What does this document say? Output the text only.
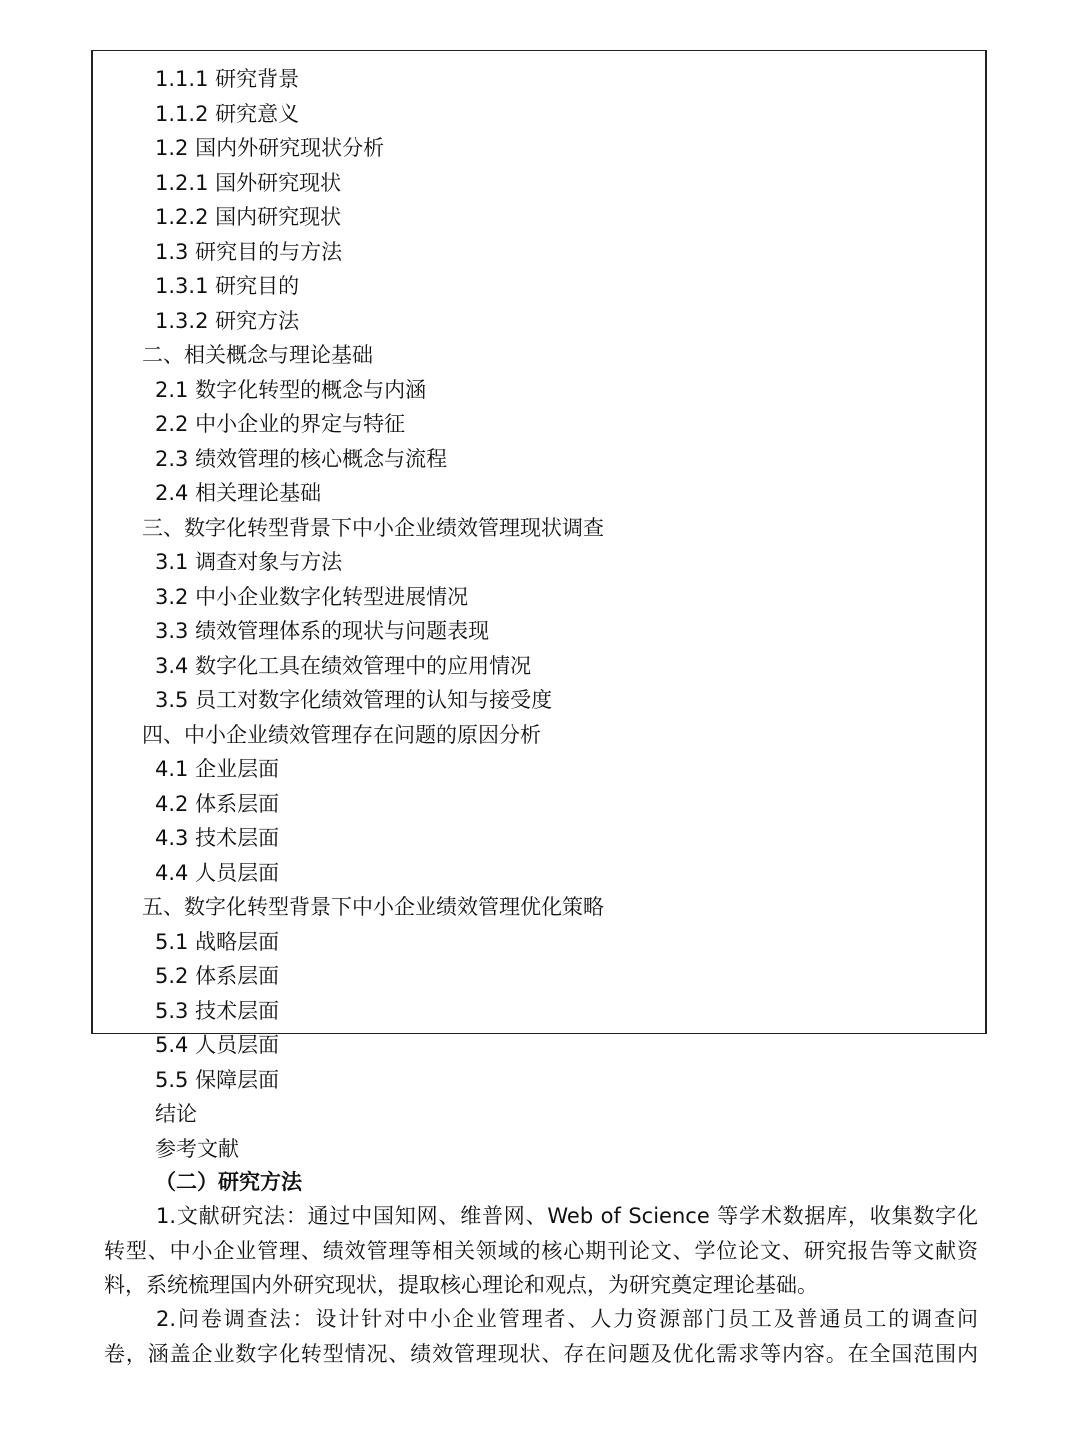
1.1.1 研究背景
1.1.2 研究意义
1.2 国内外研究现状分析
1.2.1 国外研究现状
1.2.2 国内研究现状
1.3 研究目的与方法
1.3.1 研究目的
1.3.2 研究方法
二、相关概念与理论基础
2.1 数字化转型的概念与内涵
2.2 中小企业的界定与特征
2.3 绩效管理的核心概念与流程
2.4 相关理论基础
三、数字化转型背景下中小企业绩效管理现状调查
3.1 调查对象与方法
3.2 中小企业数字化转型进展情况
3.3 绩效管理体系的现状与问题表现
3.4 数字化工具在绩效管理中的应用情况
3.5 员工对数字化绩效管理的认知与接受度
四、中小企业绩效管理存在问题的原因分析
4.1 企业层面
4.2 体系层面
4.3 技术层面
4.4 人员层面
五、数字化转型背景下中小企业绩效管理优化策略
5.1 战略层面
5.2 体系层面
5.3 技术层面
5.4 人员层面
5.5 保障层面
结论
参考文献
（二）研究方法
1.文献研究法：通过中国知网、维普网、Web of Science 等学术数据库，收集数字化
转型、中小企业管理、绩效管理等相关领域的核心期刊论文、学位论文、研究报告等文献资
料，系统梳理国内外研究现状，提取核心理论和观点，为研究奠定理论基础。
2.问卷调查法：设计针对中小企业管理者、人力资源部门员工及普通员工的调查问
卷，涵盖企业数字化转型情况、绩效管理现状、存在问题及优化需求等内容。在全国范围内
